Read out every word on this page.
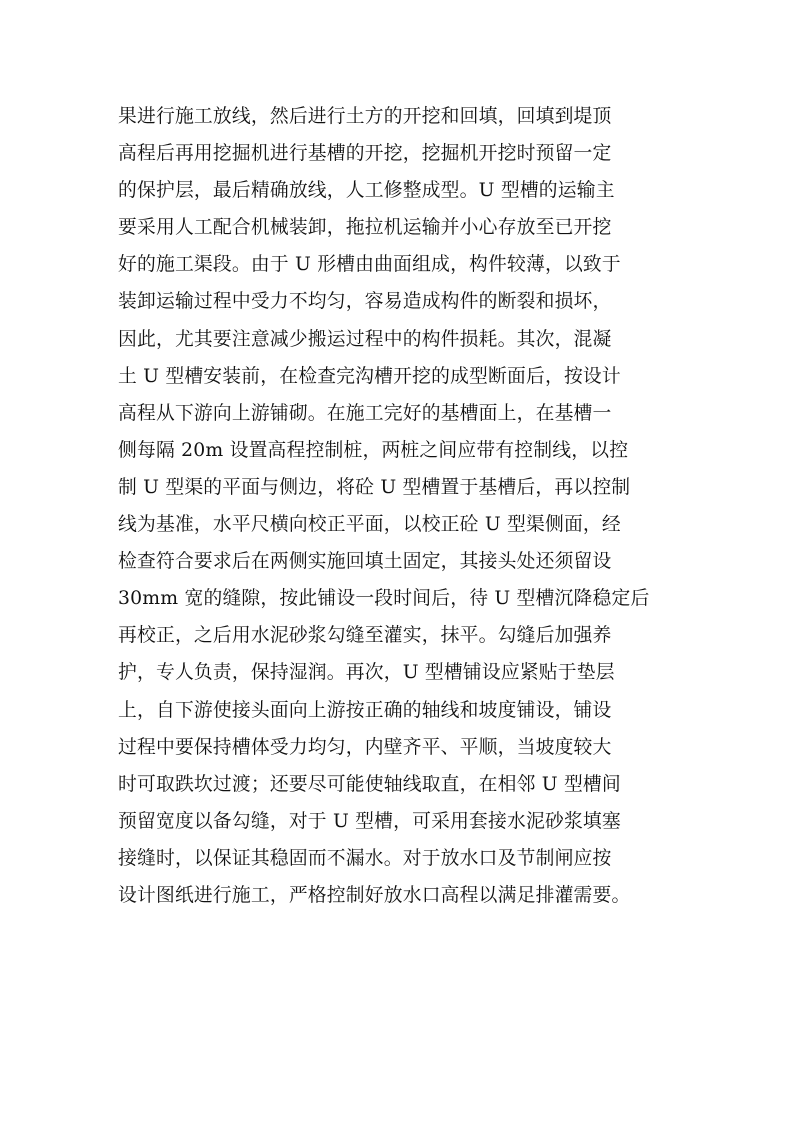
果进行施工放线，然后进行土方的开挖和回填，回填到堤顶
高程后再用挖掘机进行基槽的开挖，挖掘机开挖时预留一定
的保护层，最后精确放线，人工修整成型。U 型槽的运输主
要采用人工配合机械装卸，拖拉机运输并小心存放至已开挖
好的施工渠段。由于 U 形槽由曲面组成，构件较薄，以致于
装卸运输过程中受力不均匀，容易造成构件的断裂和损坏，
因此，尤其要注意减少搬运过程中的构件损耗。其次，混凝
土 U 型槽安装前，在检查完沟槽开挖的成型断面后，按设计
高程从下游向上游铺砌。在施工完好的基槽面上，在基槽一
侧每隔 20m 设置高程控制桩，两桩之间应带有控制线，以控
制 U 型渠的平面与侧边，将砼 U 型槽置于基槽后，再以控制
线为基准，水平尺横向校正平面，以校正砼 U 型渠侧面，经
检查符合要求后在两侧实施回填土固定，其接头处还须留设
30mm 宽的缝隙，按此铺设一段时间后，待 U 型槽沉降稳定后
再校正，之后用水泥砂浆勾缝至灌实，抹平。勾缝后加强养
护，专人负责，保持湿润。再次，U 型槽铺设应紧贴于垫层
上，自下游使接头面向上游按正确的轴线和坡度铺设，铺设
过程中要保持槽体受力均匀，内壁齐平、平顺，当坡度较大
时可取跌坎过渡；还要尽可能使轴线取直，在相邻 U 型槽间
预留宽度以备勾缝，对于 U 型槽，可采用套接水泥砂浆填塞
接缝时，以保证其稳固而不漏水。对于放水口及节制闸应按
设计图纸进行施工，严格控制好放水口高程以满足排灌需要。
